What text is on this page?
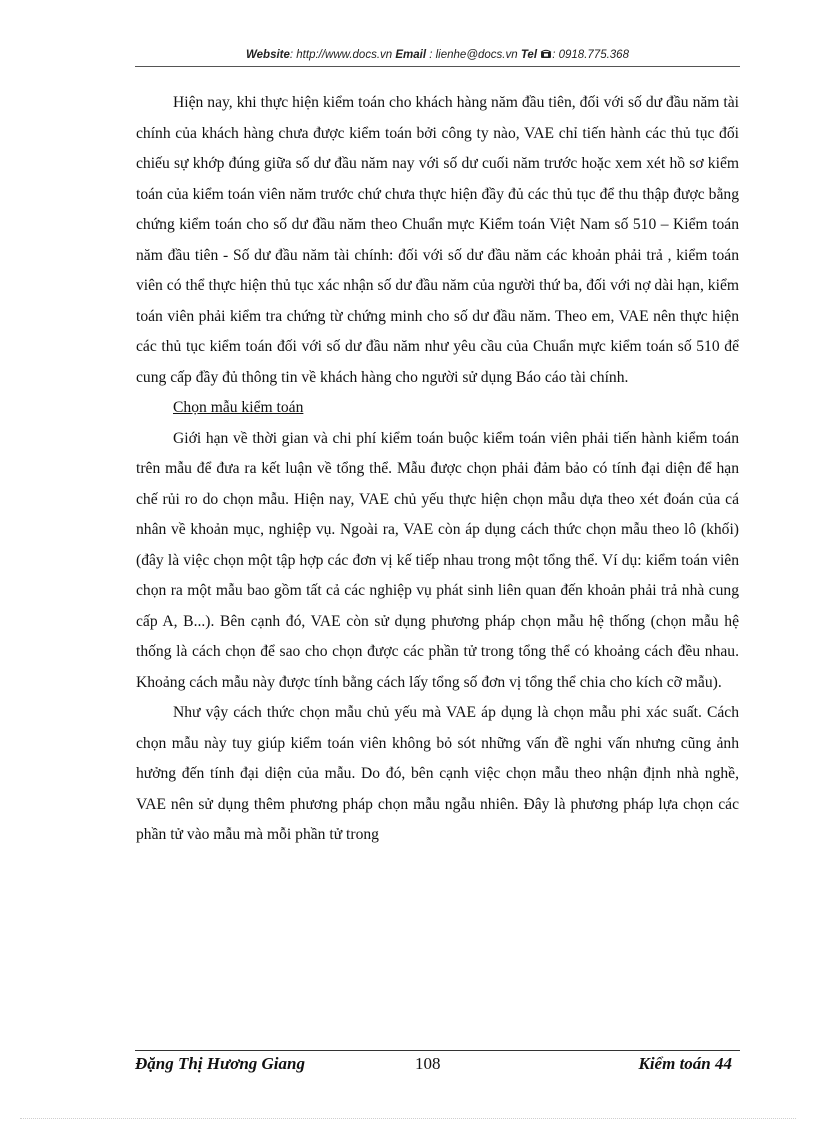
Website: http://www.docs.vn Email : lienhe@docs.vn Tel : 0918.775.368

Hiện nay, khi thực hiện kiểm toán cho khách hàng năm đầu tiên, đối với số dư đầu năm tài chính của khách hàng chưa được kiểm toán bởi công ty nào, VAE chỉ tiến hành các thủ tục đối chiếu sự khớp đúng giữa số dư đầu năm nay với số dư cuối năm trước hoặc xem xét hồ sơ kiểm toán của kiểm toán viên năm trước chứ chưa thực hiện đầy đủ các thủ tục để thu thập được bằng chứng kiểm toán cho số dư đầu năm theo Chuẩn mực Kiểm toán Việt Nam số 510 – Kiểm toán năm đầu tiên - Số dư đầu năm tài chính: đối với số dư đầu năm các khoản phải trả , kiểm toán viên có thể thực hiện thủ tục xác nhận số dư đầu năm của người thứ ba, đối với nợ dài hạn, kiểm toán viên phải kiểm tra chứng từ chứng minh cho số dư đầu năm. Theo em, VAE nên thực hiện các thủ tục kiểm toán đối với số dư đầu năm như yêu cầu của Chuẩn mực kiểm toán số 510 để cung cấp đầy đủ thông tin về khách hàng cho người sử dụng Báo cáo tài chính.

Chọn mẫu kiểm toán

Giới hạn về thời gian và chi phí kiểm toán buộc kiểm toán viên phải tiến hành kiểm toán trên mẫu để đưa ra kết luận về tổng thể. Mẫu được chọn phải đảm bảo có tính đại diện để hạn chế rủi ro do chọn mẫu. Hiện nay, VAE chủ yếu thực hiện chọn mẫu dựa theo xét đoán của cá nhân về khoản mục, nghiệp vụ. Ngoài ra, VAE còn áp dụng cách thức chọn mẫu theo lô (khối) (đây là việc chọn một tập hợp các đơn vị kế tiếp nhau trong một tổng thể. Ví dụ: kiểm toán viên chọn ra một mẫu bao gồm tất cả các nghiệp vụ phát sinh liên quan đến khoản phải trả nhà cung cấp A, B...). Bên cạnh đó, VAE còn sử dụng phương pháp chọn mẫu hệ thống (chọn mẫu hệ thống là cách chọn để sao cho chọn được các phần tử trong tổng thể có khoảng cách đều nhau. Khoảng cách mẫu này được tính bằng cách lấy tổng số đơn vị tổng thể chia cho kích cỡ mẫu).

Như vậy cách thức chọn mẫu chủ yếu mà VAE áp dụng là chọn mẫu phi xác suất. Cách chọn mẫu này tuy giúp kiểm toán viên không bỏ sót những vấn đề nghi vấn nhưng cũng ảnh hưởng đến tính đại diện của mẫu. Do đó, bên cạnh việc chọn mẫu theo nhận định nhà nghề, VAE nên sử dụng thêm phương pháp chọn mẫu ngẫu nhiên. Đây là phương pháp lựa chọn các phần tử vào mẫu mà mỗi phần tử trong

Đặng Thị Hương Giang	108	Kiểm toán 44
